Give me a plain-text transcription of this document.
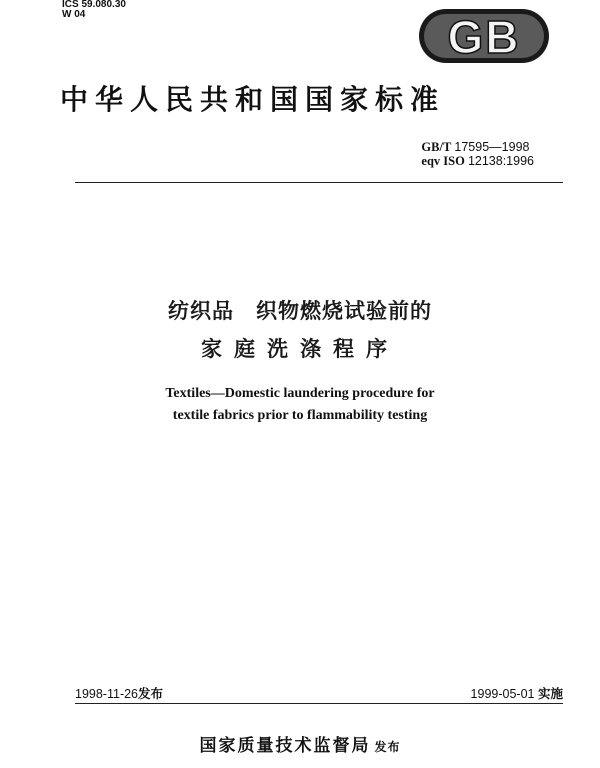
ICS 59.080.30
W 04	GB
中华人民共和国国家标准
GB/T 17595—1998
eqv ISO 12138:1996
纺织品　织物燃烧试验前的
家庭洗涤程序
Textiles—Domestic laundering procedure for
textile fabrics prior to flammability testing
1998-11-26发布	1999-05-01 实施
国家质量技术监督局 发布
